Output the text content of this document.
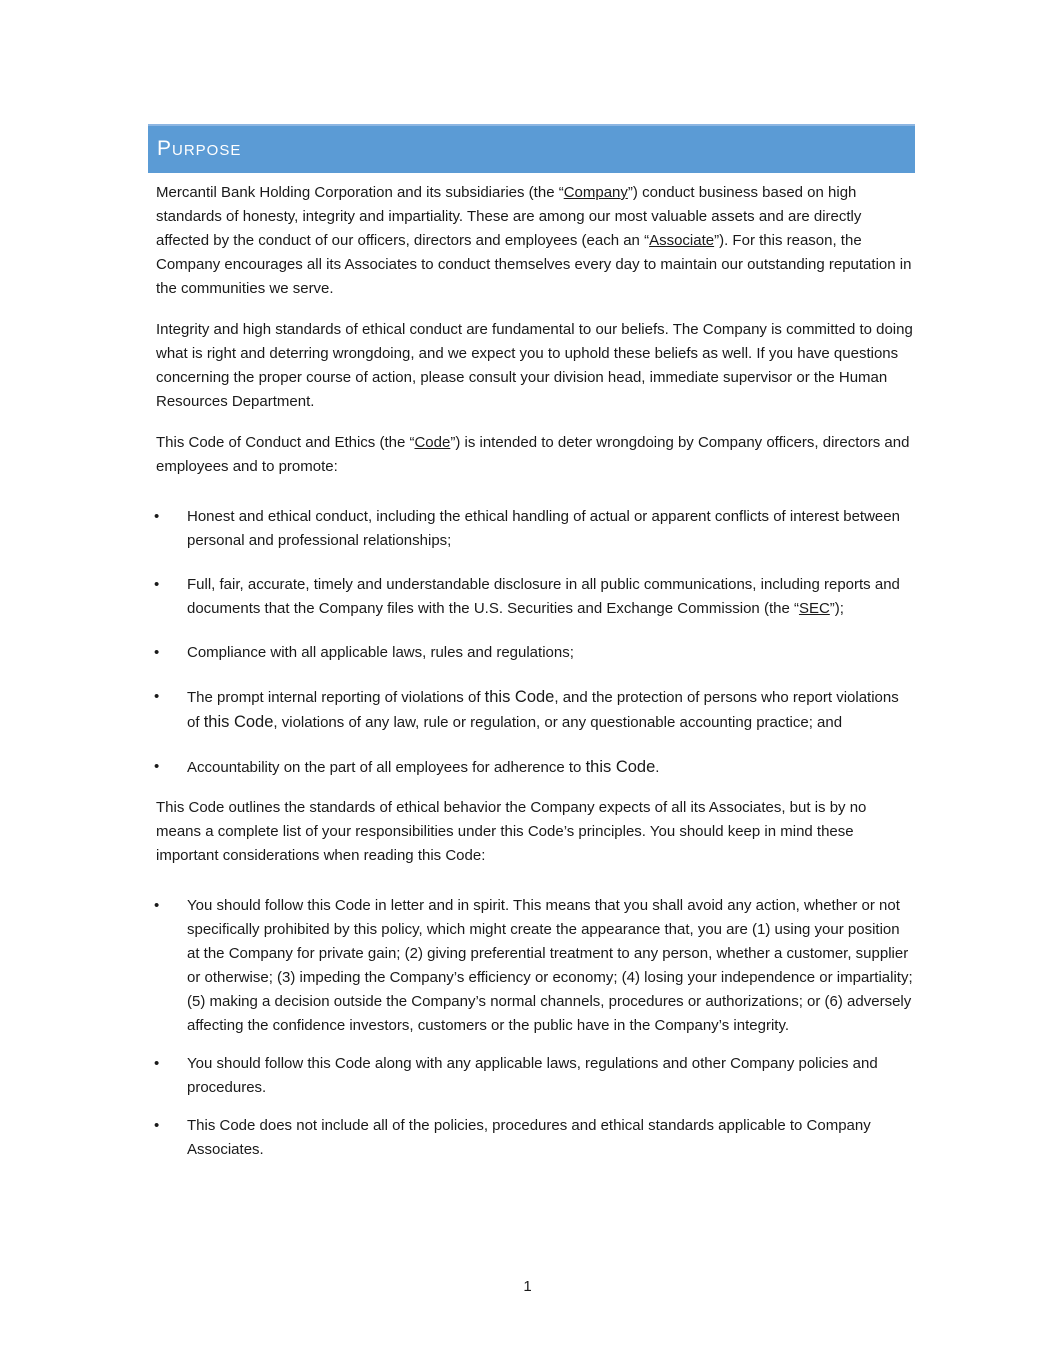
Purpose

Mercantil Bank Holding Corporation and its subsidiaries (the “Company”) conduct business based on high standards of honesty, integrity and impartiality. These are among our most valuable assets and are directly affected by the conduct of our officers, directors and employees (each an “Associate”). For this reason, the Company encourages all its Associates to conduct themselves every day to maintain our outstanding reputation in the communities we serve.

Integrity and high standards of ethical conduct are fundamental to our beliefs. The Company is committed to doing what is right and deterring wrongdoing, and we expect you to uphold these beliefs as well. If you have questions concerning the proper course of action, please consult your division head, immediate supervisor or the Human Resources Department.

This Code of Conduct and Ethics (the “Code”) is intended to deter wrongdoing by Company officers, directors and employees and to promote:

• Honest and ethical conduct, including the ethical handling of actual or apparent conflicts of interest between personal and professional relationships;
• Full, fair, accurate, timely and understandable disclosure in all public communications, including reports and documents that the Company files with the U.S. Securities and Exchange Commission (the “SEC”);
• Compliance with all applicable laws, rules and regulations;
• The prompt internal reporting of violations of this Code, and the protection of persons who report violations of this Code, violations of any law, rule or regulation, or any questionable accounting practice; and
• Accountability on the part of all employees for adherence to this Code.

This Code outlines the standards of ethical behavior the Company expects of all its Associates, but is by no means a complete list of your responsibilities under this Code’s principles. You should keep in mind these important considerations when reading this Code:

• You should follow this Code in letter and in spirit. This means that you shall avoid any action, whether or not specifically prohibited by this policy, which might create the appearance that, you are (1) using your position at the Company for private gain; (2) giving preferential treatment to any person, whether a customer, supplier or otherwise; (3) impeding the Company’s efficiency or economy; (4) losing your independence or impartiality; (5) making a decision outside the Company’s normal channels, procedures or authorizations; or (6) adversely affecting the confidence investors, customers or the public have in the Company’s integrity.
• You should follow this Code along with any applicable laws, regulations and other Company policies and procedures.
• This Code does not include all of the policies, procedures and ethical standards applicable to Company Associates.
1
